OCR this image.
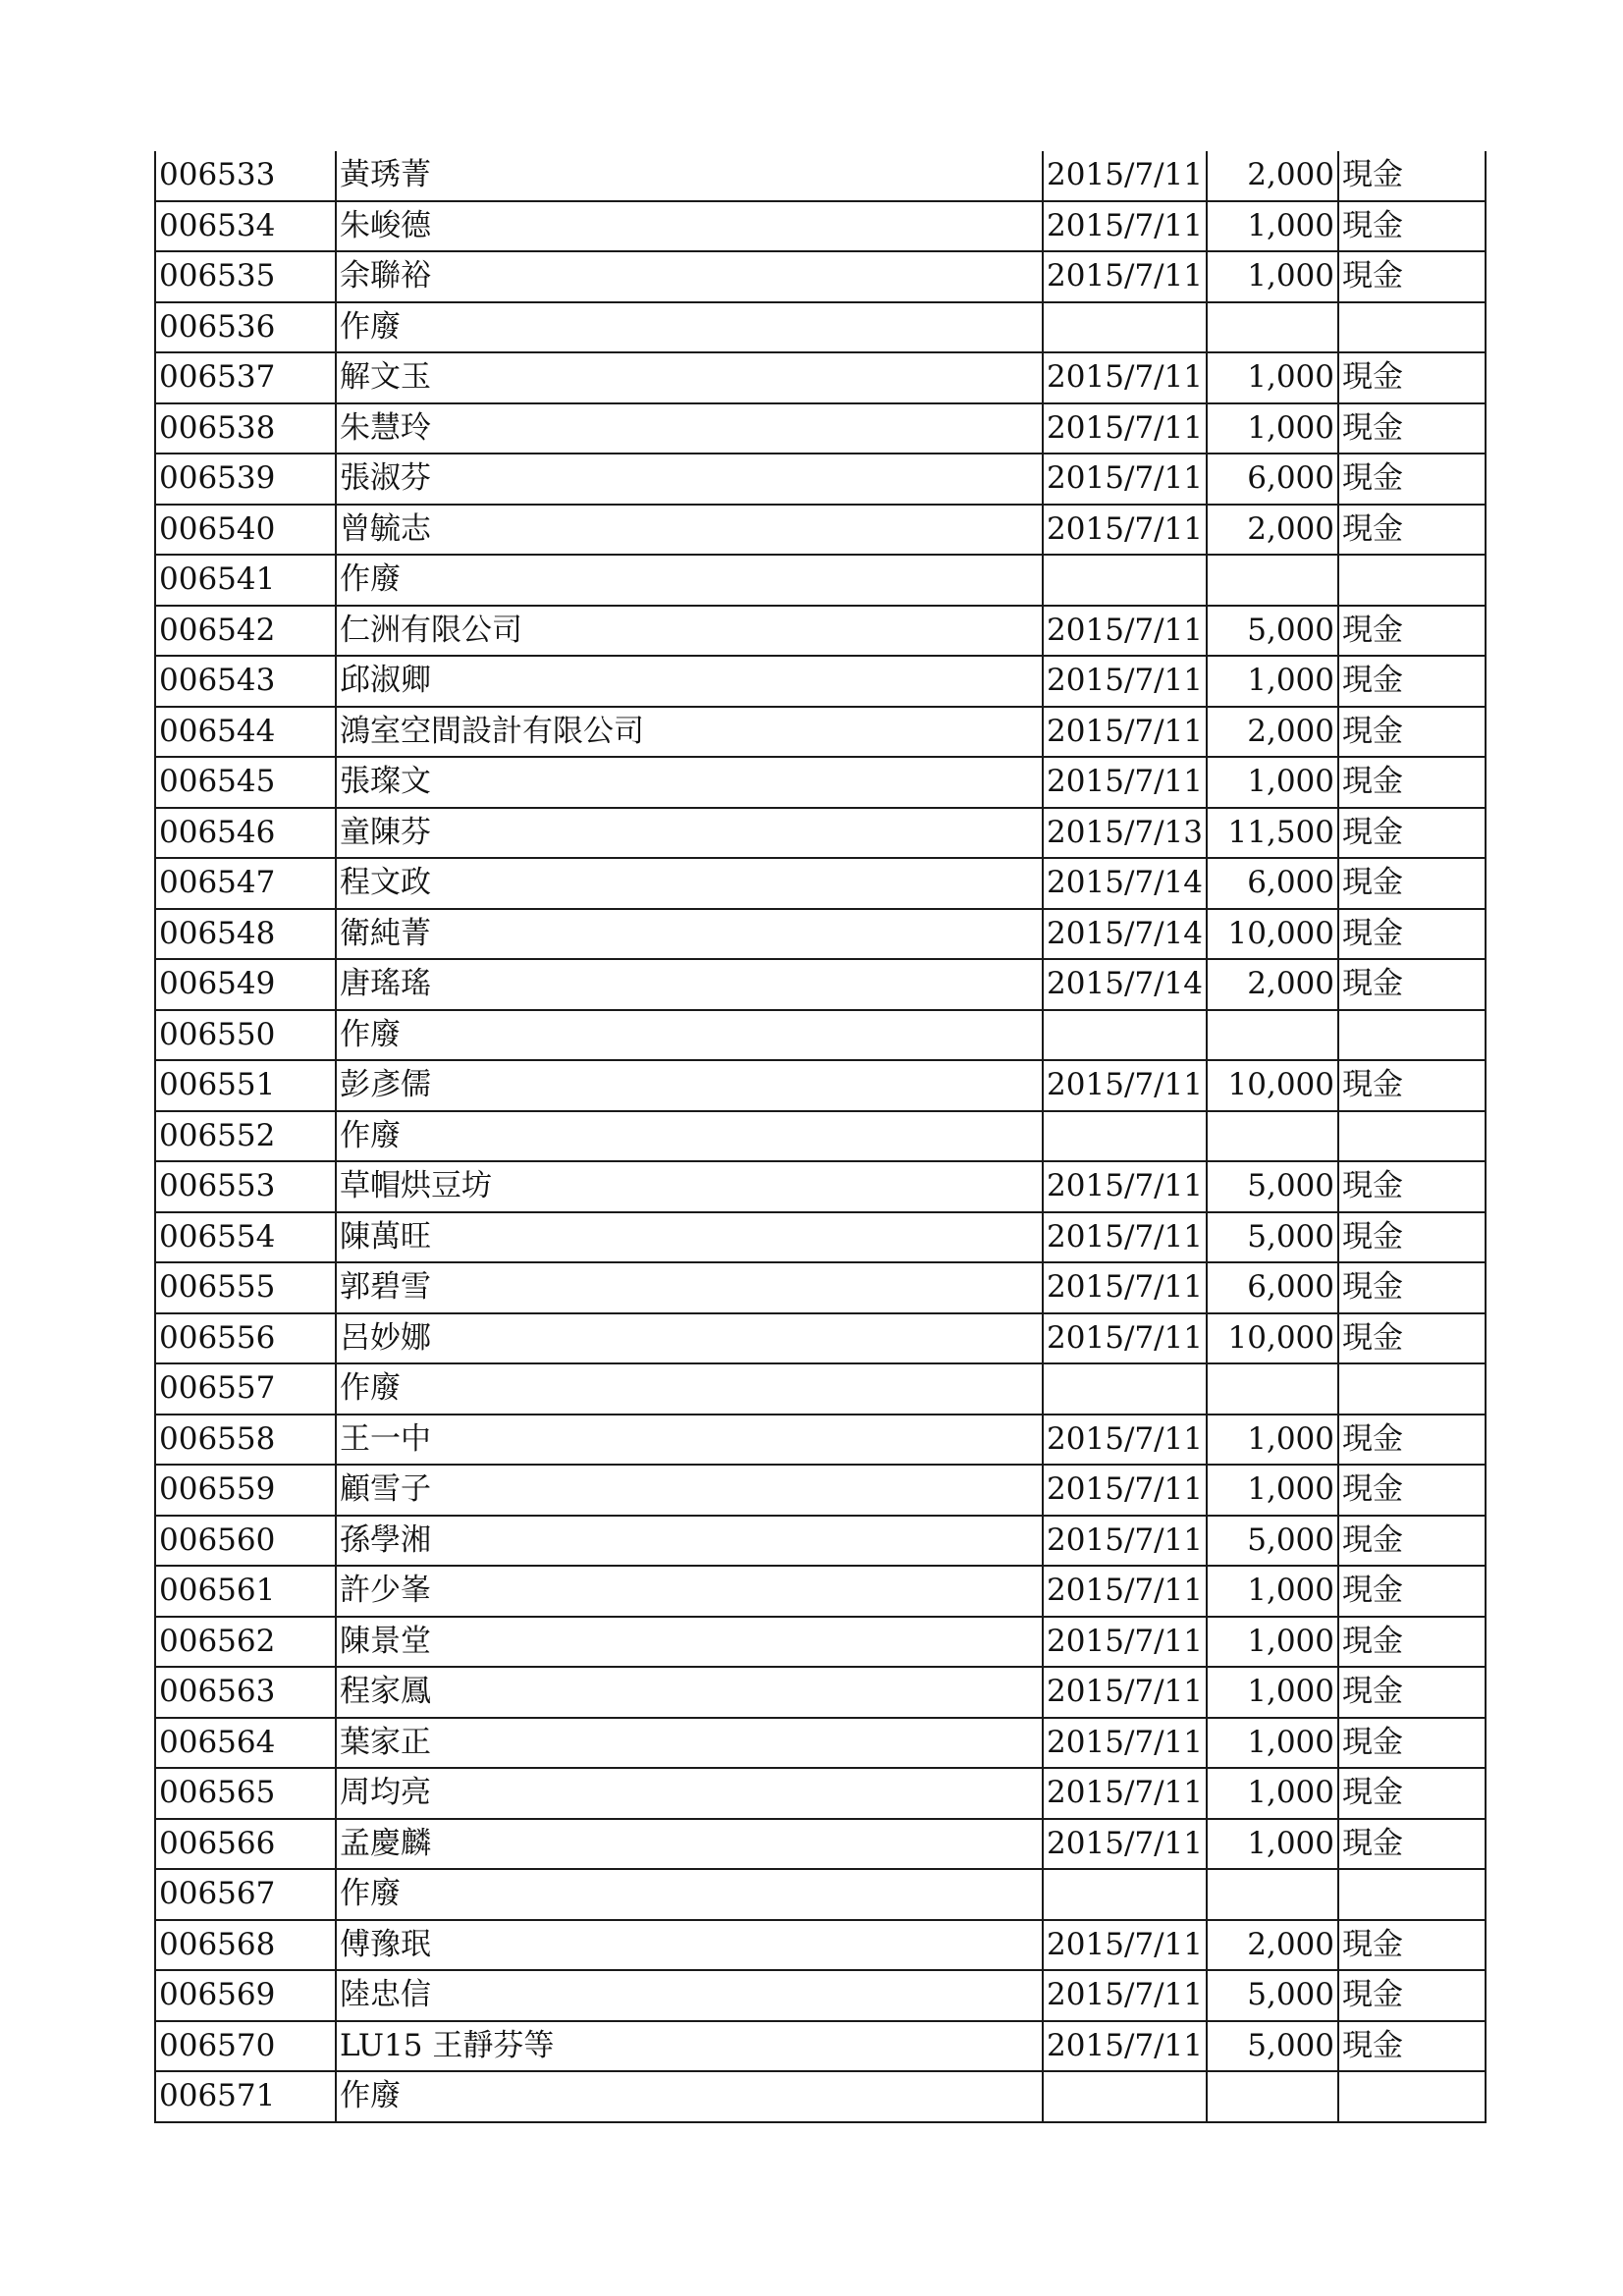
006533	黃琇菁	2015/7/11	2,000	現金
006534	朱峻德	2015/7/11	1,000	現金
006535	余聯裕	2015/7/11	1,000	現金
006536	作廢			
006537	解文玉	2015/7/11	1,000	現金
006538	朱慧玲	2015/7/11	1,000	現金
006539	張淑芬	2015/7/11	6,000	現金
006540	曾毓志	2015/7/11	2,000	現金
006541	作廢			
006542	仁洲有限公司	2015/7/11	5,000	現金
006543	邱淑卿	2015/7/11	1,000	現金
006544	鴻室空間設計有限公司	2015/7/11	2,000	現金
006545	張璨文	2015/7/11	1,000	現金
006546	童陳芬	2015/7/13	11,500	現金
006547	程文政	2015/7/14	6,000	現金
006548	衛純菁	2015/7/14	10,000	現金
006549	唐瑤瑤	2015/7/14	2,000	現金
006550	作廢			
006551	彭彥儒	2015/7/11	10,000	現金
006552	作廢			
006553	草帽烘豆坊	2015/7/11	5,000	現金
006554	陳萬旺	2015/7/11	5,000	現金
006555	郭碧雪	2015/7/11	6,000	現金
006556	呂妙娜	2015/7/11	10,000	現金
006557	作廢			
006558	王一中	2015/7/11	1,000	現金
006559	顧雪子	2015/7/11	1,000	現金
006560	孫學湘	2015/7/11	5,000	現金
006561	許少峯	2015/7/11	1,000	現金
006562	陳景堂	2015/7/11	1,000	現金
006563	程家鳳	2015/7/11	1,000	現金
006564	葉家正	2015/7/11	1,000	現金
006565	周均亮	2015/7/11	1,000	現金
006566	孟慶麟	2015/7/11	1,000	現金
006567	作廢			
006568	傅豫珉	2015/7/11	2,000	現金
006569	陸忠信	2015/7/11	5,000	現金
006570	LU15 王靜芬等	2015/7/11	5,000	現金
006571	作廢			
